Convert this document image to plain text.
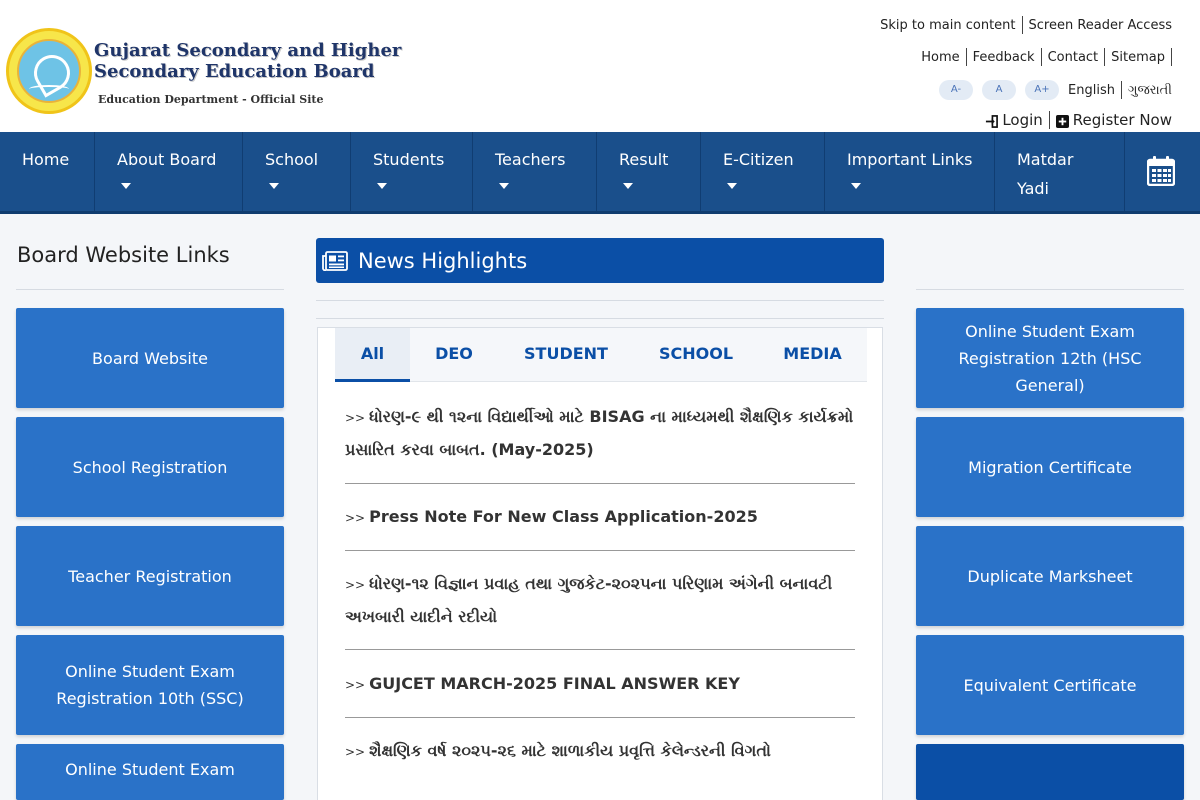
Gujarat Secondary and Higher
Secondary Education Board
Education Department - Official Site
Skip to main content Screen Reader Access
Home Feedback Contact Sitemap
A-	A	A+	English ગુજરાતી
Login Register Now
Home	About Board	School	Students	Teachers	Result	E-Citizen	Important Links	Matdar
Yadi
Board Website Links
Board Website
School Registration
Teacher Registration
Online Student Exam Registration 10th (SSC)
Online Student Exam
News Highlights
All	DEO	STUDENT	SCHOOL	MEDIA
>> ધોરણ-૯ થી ૧૨ના વિદ્યાર્થીઓ માટે BISAG ના માધ્યમથી શૈક્ષણિક કાર્યક્રમો પ્રસારિત કરવા બાબત. (May-2025)
>> Press Note For New Class Application-2025
>> ધોરણ-૧૨ વિજ્ઞાન પ્રવાહ તથા ગુજકેટ-૨૦૨૫ના પરિણામ અંગેની બનાવટી અખબારી યાદીને રદીયો
>> GUJCET MARCH-2025 FINAL ANSWER KEY
>> શૈક્ષણિક વર્ષ ૨૦૨૫-૨૬ માટે શાળાકીય પ્રવૃત્તિ કેલેન્ડરની વિગતો
Online Student Exam Registration 12th (HSC General)
Migration Certificate
Duplicate Marksheet
Equivalent Certificate
